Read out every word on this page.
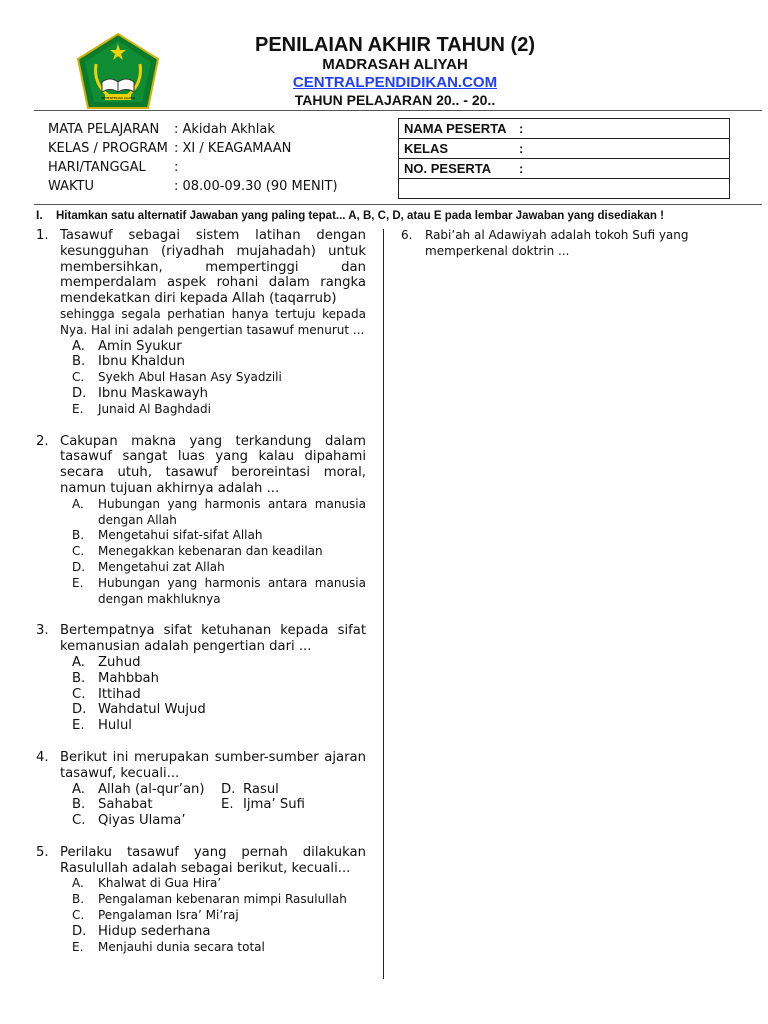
KEMENTERIAN AGAMA
PENILAIAN AKHIR TAHUN (2)
MADRASAH ALIYAH
CENTRALPENDIDIKAN.COM
TAHUN PELAJARAN 20.. - 20..
MATA PELAJARAN	: Akidah Akhlak
KELAS / PROGRAM : XI / KEAGAMAAN
HARI/TANGGAL	:
WAKTU	: 08.00-09.30 (90 MENIT)
NAMA PESERTA :
KELAS	:
NO. PESERTA	:
I. Hitamkan satu alternatif Jawaban yang paling tepat... A, B, C, D, atau E pada lembar Jawaban yang disediakan !
1. Tasawuf sebagai sistem latihan dengan kesungguhan (riyadhah mujahadah) untuk membersihkan, mempertinggi dan memperdalam aspek rohani dalam rangka mendekatkan diri kepada Allah (taqarrub)
sehingga segala perhatian hanya tertuju kepada Nya. Hal ini adalah pengertian tasawuf menurut ...
A. Amin Syukur
B. Ibnu Khaldun
C. Syekh Abul Hasan Asy Syadzili
D. Ibnu Maskawayh
E. Junaid Al Baghdadi
2. Cakupan makna yang terkandung dalam tasawuf sangat luas yang kalau dipahami secara utuh, tasawuf beroreintasi moral, namun tujuan akhirnya adalah ...
A. Hubungan yang harmonis antara manusia dengan Allah
B. Mengetahui sifat-sifat Allah
C. Menegakkan kebenaran dan keadilan
D. Mengetahui zat Allah
E. Hubungan yang harmonis antara manusia dengan makhluknya
3. Bertempatnya sifat ketuhanan kepada sifat kemanusian adalah pengertian dari ...
A. Zuhud
B. Mahbbah
C. Ittihad
D. Wahdatul Wujud
E. Hulul
4. Berikut ini merupakan sumber-sumber ajaran tasawuf, kecuali...
A. Allah (al-qur’an)	D. Rasul
B. Sahabat	E. Ijma’ Sufi
C. Qiyas Ulama’
5. Perilaku tasawuf yang pernah dilakukan Rasulullah adalah sebagai berikut, kecuali...
A. Khalwat di Gua Hira’
B. Pengalaman kebenaran mimpi Rasulullah
C. Pengalaman Isra’ Mi’raj
D. Hidup sederhana
E. Menjauhi dunia secara total
6. Rabi’ah al Adawiyah adalah tokoh Sufi yang memperkenal doktrin ...
